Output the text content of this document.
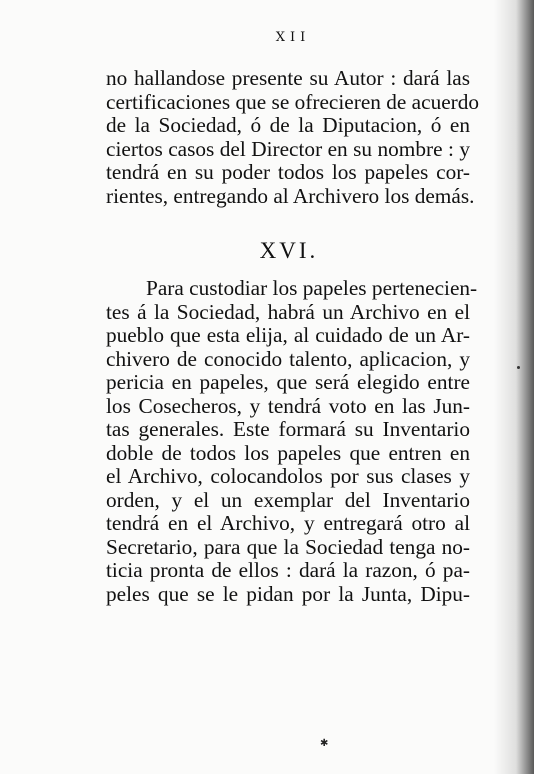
XII
no hallandose presente su Autor : dará las
certificaciones que se ofrecieren de acuerdo
de la Sociedad, ó de la Diputacion, ó en
ciertos casos del Director en su nombre : y
tendrá en su poder todos los papeles cor-
rientes, entregando al Archivero los demás.
XVI.
Para custodiar los papeles pertenecien-
tes á la Sociedad, habrá un Archivo en el
pueblo que esta elija, al cuidado de un Ar-
chivero de conocido talento, aplicacion, y
pericia en papeles, que será elegido entre
los Cosecheros, y tendrá voto en las Jun-
tas generales. Este formará su Inventario
doble de todos los papeles que entren en
el Archivo, colocandolos por sus clases y
orden, y el un exemplar del Inventario
tendrá en el Archivo, y entregará otro al
Secretario, para que la Sociedad tenga no-
ticia pronta de ellos : dará la razon, ó pa-
peles que se le pidan por la Junta, Dipu-
✱
